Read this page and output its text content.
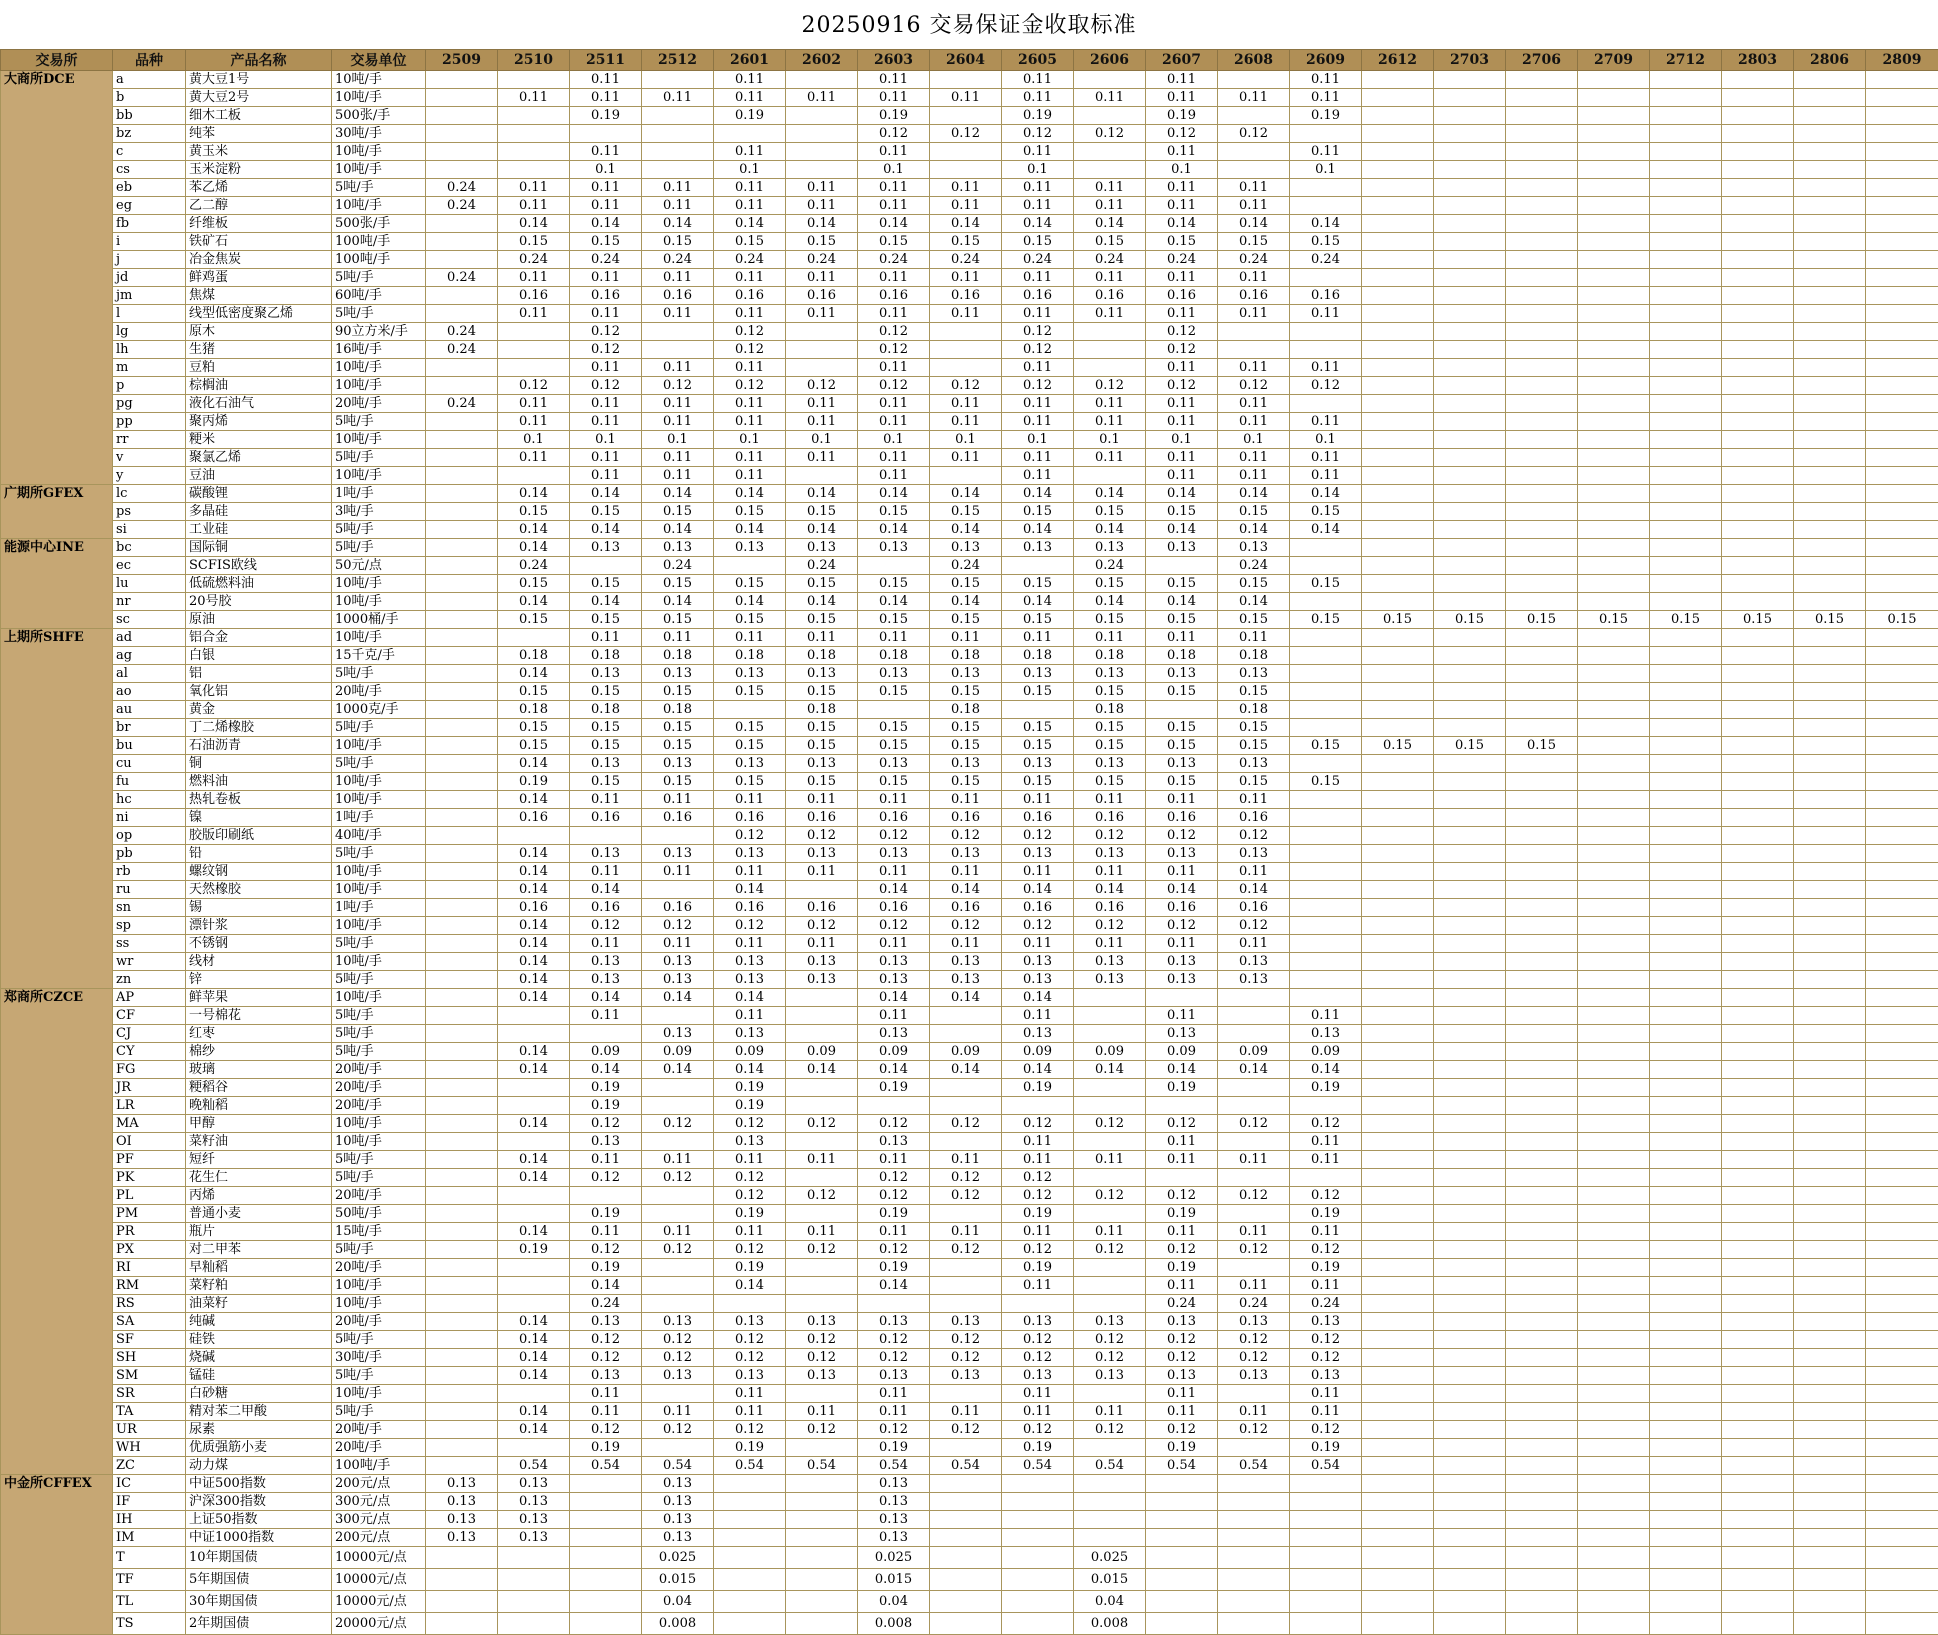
20250916 交易保证金收取标准
交易所	品种	产品名称	交易单位	2509	2510	2511	2512	2601	2602	2603	2604	2605	2606	2607	2608	2609	2612	2703	2706	2709	2712	2803	2806	2809
大商所DCE	a	黄大豆1号	10吨/手			0.11		0.11		0.11		0.11		0.11		0.11								
	b	黄大豆2号	10吨/手		0.11	0.11	0.11	0.11	0.11	0.11	0.11	0.11	0.11	0.11	0.11	0.11								
	bb	细木工板	500张/手			0.19		0.19		0.19		0.19		0.19		0.19								
	bz	纯苯	30吨/手							0.12	0.12	0.12	0.12	0.12	0.12									
	c	黄玉米	10吨/手			0.11		0.11		0.11		0.11		0.11		0.11								
	cs	玉米淀粉	10吨/手			0.1		0.1		0.1		0.1		0.1		0.1								
	eb	苯乙烯	5吨/手	0.24	0.11	0.11	0.11	0.11	0.11	0.11	0.11	0.11	0.11	0.11	0.11									
	eg	乙二醇	10吨/手	0.24	0.11	0.11	0.11	0.11	0.11	0.11	0.11	0.11	0.11	0.11	0.11									
	fb	纤维板	500张/手		0.14	0.14	0.14	0.14	0.14	0.14	0.14	0.14	0.14	0.14	0.14	0.14								
	i	铁矿石	100吨/手		0.15	0.15	0.15	0.15	0.15	0.15	0.15	0.15	0.15	0.15	0.15	0.15								
	j	冶金焦炭	100吨/手		0.24	0.24	0.24	0.24	0.24	0.24	0.24	0.24	0.24	0.24	0.24	0.24								
	jd	鲜鸡蛋	5吨/手	0.24	0.11	0.11	0.11	0.11	0.11	0.11	0.11	0.11	0.11	0.11	0.11									
	jm	焦煤	60吨/手		0.16	0.16	0.16	0.16	0.16	0.16	0.16	0.16	0.16	0.16	0.16	0.16								
	l	线型低密度聚乙烯	5吨/手		0.11	0.11	0.11	0.11	0.11	0.11	0.11	0.11	0.11	0.11	0.11	0.11								
	lg	原木	90立方米/手	0.24		0.12		0.12		0.12		0.12		0.12										
	lh	生猪	16吨/手	0.24		0.12		0.12		0.12		0.12		0.12										
	m	豆粕	10吨/手			0.11	0.11	0.11		0.11		0.11		0.11	0.11	0.11								
	p	棕榈油	10吨/手		0.12	0.12	0.12	0.12	0.12	0.12	0.12	0.12	0.12	0.12	0.12	0.12								
	pg	液化石油气	20吨/手	0.24	0.11	0.11	0.11	0.11	0.11	0.11	0.11	0.11	0.11	0.11	0.11									
	pp	聚丙烯	5吨/手		0.11	0.11	0.11	0.11	0.11	0.11	0.11	0.11	0.11	0.11	0.11	0.11								
	rr	粳米	10吨/手		0.1	0.1	0.1	0.1	0.1	0.1	0.1	0.1	0.1	0.1	0.1	0.1								
	v	聚氯乙烯	5吨/手		0.11	0.11	0.11	0.11	0.11	0.11	0.11	0.11	0.11	0.11	0.11	0.11								
	y	豆油	10吨/手			0.11	0.11	0.11		0.11		0.11		0.11	0.11	0.11								
广期所GFEX	lc	碳酸锂	1吨/手		0.14	0.14	0.14	0.14	0.14	0.14	0.14	0.14	0.14	0.14	0.14	0.14								
	ps	多晶硅	3吨/手		0.15	0.15	0.15	0.15	0.15	0.15	0.15	0.15	0.15	0.15	0.15	0.15								
	si	工业硅	5吨/手		0.14	0.14	0.14	0.14	0.14	0.14	0.14	0.14	0.14	0.14	0.14	0.14								
能源中心INE	bc	国际铜	5吨/手		0.14	0.13	0.13	0.13	0.13	0.13	0.13	0.13	0.13	0.13	0.13									
	ec	SCFIS欧线	50元/点		0.24		0.24		0.24		0.24		0.24		0.24									
	lu	低硫燃料油	10吨/手		0.15	0.15	0.15	0.15	0.15	0.15	0.15	0.15	0.15	0.15	0.15	0.15								
	nr	20号胶	10吨/手		0.14	0.14	0.14	0.14	0.14	0.14	0.14	0.14	0.14	0.14	0.14									
	sc	原油	1000桶/手		0.15	0.15	0.15	0.15	0.15	0.15	0.15	0.15	0.15	0.15	0.15	0.15	0.15	0.15	0.15	0.15	0.15	0.15	0.15	0.15
上期所SHFE	ad	铝合金	10吨/手			0.11	0.11	0.11	0.11	0.11	0.11	0.11	0.11	0.11	0.11									
	ag	白银	15千克/手		0.18	0.18	0.18	0.18	0.18	0.18	0.18	0.18	0.18	0.18	0.18									
	al	铝	5吨/手		0.14	0.13	0.13	0.13	0.13	0.13	0.13	0.13	0.13	0.13	0.13									
	ao	氧化铝	20吨/手		0.15	0.15	0.15	0.15	0.15	0.15	0.15	0.15	0.15	0.15	0.15									
	au	黄金	1000克/手		0.18	0.18	0.18		0.18		0.18		0.18		0.18									
	br	丁二烯橡胶	5吨/手		0.15	0.15	0.15	0.15	0.15	0.15	0.15	0.15	0.15	0.15	0.15									
	bu	石油沥青	10吨/手		0.15	0.15	0.15	0.15	0.15	0.15	0.15	0.15	0.15	0.15	0.15	0.15	0.15	0.15	0.15					
	cu	铜	5吨/手		0.14	0.13	0.13	0.13	0.13	0.13	0.13	0.13	0.13	0.13	0.13									
	fu	燃料油	10吨/手		0.19	0.15	0.15	0.15	0.15	0.15	0.15	0.15	0.15	0.15	0.15	0.15								
	hc	热轧卷板	10吨/手		0.14	0.11	0.11	0.11	0.11	0.11	0.11	0.11	0.11	0.11	0.11									
	ni	镍	1吨/手		0.16	0.16	0.16	0.16	0.16	0.16	0.16	0.16	0.16	0.16	0.16									
	op	胶版印刷纸	40吨/手					0.12	0.12	0.12	0.12	0.12	0.12	0.12	0.12									
	pb	铅	5吨/手		0.14	0.13	0.13	0.13	0.13	0.13	0.13	0.13	0.13	0.13	0.13									
	rb	螺纹钢	10吨/手		0.14	0.11	0.11	0.11	0.11	0.11	0.11	0.11	0.11	0.11	0.11									
	ru	天然橡胶	10吨/手		0.14	0.14		0.14		0.14	0.14	0.14	0.14	0.14	0.14									
	sn	锡	1吨/手		0.16	0.16	0.16	0.16	0.16	0.16	0.16	0.16	0.16	0.16	0.16									
	sp	漂针浆	10吨/手		0.14	0.12	0.12	0.12	0.12	0.12	0.12	0.12	0.12	0.12	0.12									
	ss	不锈钢	5吨/手		0.14	0.11	0.11	0.11	0.11	0.11	0.11	0.11	0.11	0.11	0.11									
	wr	线材	10吨/手		0.14	0.13	0.13	0.13	0.13	0.13	0.13	0.13	0.13	0.13	0.13									
	zn	锌	5吨/手		0.14	0.13	0.13	0.13	0.13	0.13	0.13	0.13	0.13	0.13	0.13									
郑商所CZCE	AP	鲜苹果	10吨/手		0.14	0.14	0.14	0.14		0.14	0.14	0.14												
	CF	一号棉花	5吨/手			0.11		0.11		0.11		0.11		0.11		0.11								
	CJ	红枣	5吨/手				0.13	0.13		0.13		0.13		0.13		0.13								
	CY	棉纱	5吨/手		0.14	0.09	0.09	0.09	0.09	0.09	0.09	0.09	0.09	0.09	0.09	0.09								
	FG	玻璃	20吨/手		0.14	0.14	0.14	0.14	0.14	0.14	0.14	0.14	0.14	0.14	0.14	0.14								
	JR	粳稻谷	20吨/手			0.19		0.19		0.19		0.19		0.19		0.19								
	LR	晚籼稻	20吨/手			0.19		0.19																
	MA	甲醇	10吨/手		0.14	0.12	0.12	0.12	0.12	0.12	0.12	0.12	0.12	0.12	0.12	0.12								
	OI	菜籽油	10吨/手			0.13		0.13		0.13		0.11		0.11		0.11								
	PF	短纤	5吨/手		0.14	0.11	0.11	0.11	0.11	0.11	0.11	0.11	0.11	0.11	0.11	0.11								
	PK	花生仁	5吨/手		0.14	0.12	0.12	0.12		0.12	0.12	0.12												
	PL	丙烯	20吨/手					0.12	0.12	0.12	0.12	0.12	0.12	0.12	0.12	0.12								
	PM	普通小麦	50吨/手			0.19		0.19		0.19		0.19		0.19		0.19								
	PR	瓶片	15吨/手		0.14	0.11	0.11	0.11	0.11	0.11	0.11	0.11	0.11	0.11	0.11	0.11								
	PX	对二甲苯	5吨/手		0.19	0.12	0.12	0.12	0.12	0.12	0.12	0.12	0.12	0.12	0.12	0.12								
	RI	早籼稻	20吨/手			0.19		0.19		0.19		0.19		0.19		0.19								
	RM	菜籽粕	10吨/手			0.14		0.14		0.14		0.11		0.11	0.11	0.11								
	RS	油菜籽	10吨/手			0.24								0.24	0.24	0.24								
	SA	纯碱	20吨/手		0.14	0.13	0.13	0.13	0.13	0.13	0.13	0.13	0.13	0.13	0.13	0.13								
	SF	硅铁	5吨/手		0.14	0.12	0.12	0.12	0.12	0.12	0.12	0.12	0.12	0.12	0.12	0.12								
	SH	烧碱	30吨/手		0.14	0.12	0.12	0.12	0.12	0.12	0.12	0.12	0.12	0.12	0.12	0.12								
	SM	锰硅	5吨/手		0.14	0.13	0.13	0.13	0.13	0.13	0.13	0.13	0.13	0.13	0.13	0.13								
	SR	白砂糖	10吨/手			0.11		0.11		0.11		0.11		0.11		0.11								
	TA	精对苯二甲酸	5吨/手		0.14	0.11	0.11	0.11	0.11	0.11	0.11	0.11	0.11	0.11	0.11	0.11								
	UR	尿素	20吨/手		0.14	0.12	0.12	0.12	0.12	0.12	0.12	0.12	0.12	0.12	0.12	0.12								
	WH	优质强筋小麦	20吨/手			0.19		0.19		0.19		0.19		0.19		0.19								
	ZC	动力煤	100吨/手		0.54	0.54	0.54	0.54	0.54	0.54	0.54	0.54	0.54	0.54	0.54	0.54								
中金所CFFEX	IC	中证500指数	200元/点	0.13	0.13		0.13			0.13														
	IF	沪深300指数	300元/点	0.13	0.13		0.13			0.13														
	IH	上证50指数	300元/点	0.13	0.13		0.13			0.13														
	IM	中证1000指数	200元/点	0.13	0.13		0.13			0.13														
	T	10年期国债	10000元/点				0.025			0.025			0.025											
	TF	5年期国债	10000元/点				0.015			0.015			0.015											
	TL	30年期国债	10000元/点				0.04			0.04			0.04											
	TS	2年期国债	20000元/点				0.008			0.008			0.008											
